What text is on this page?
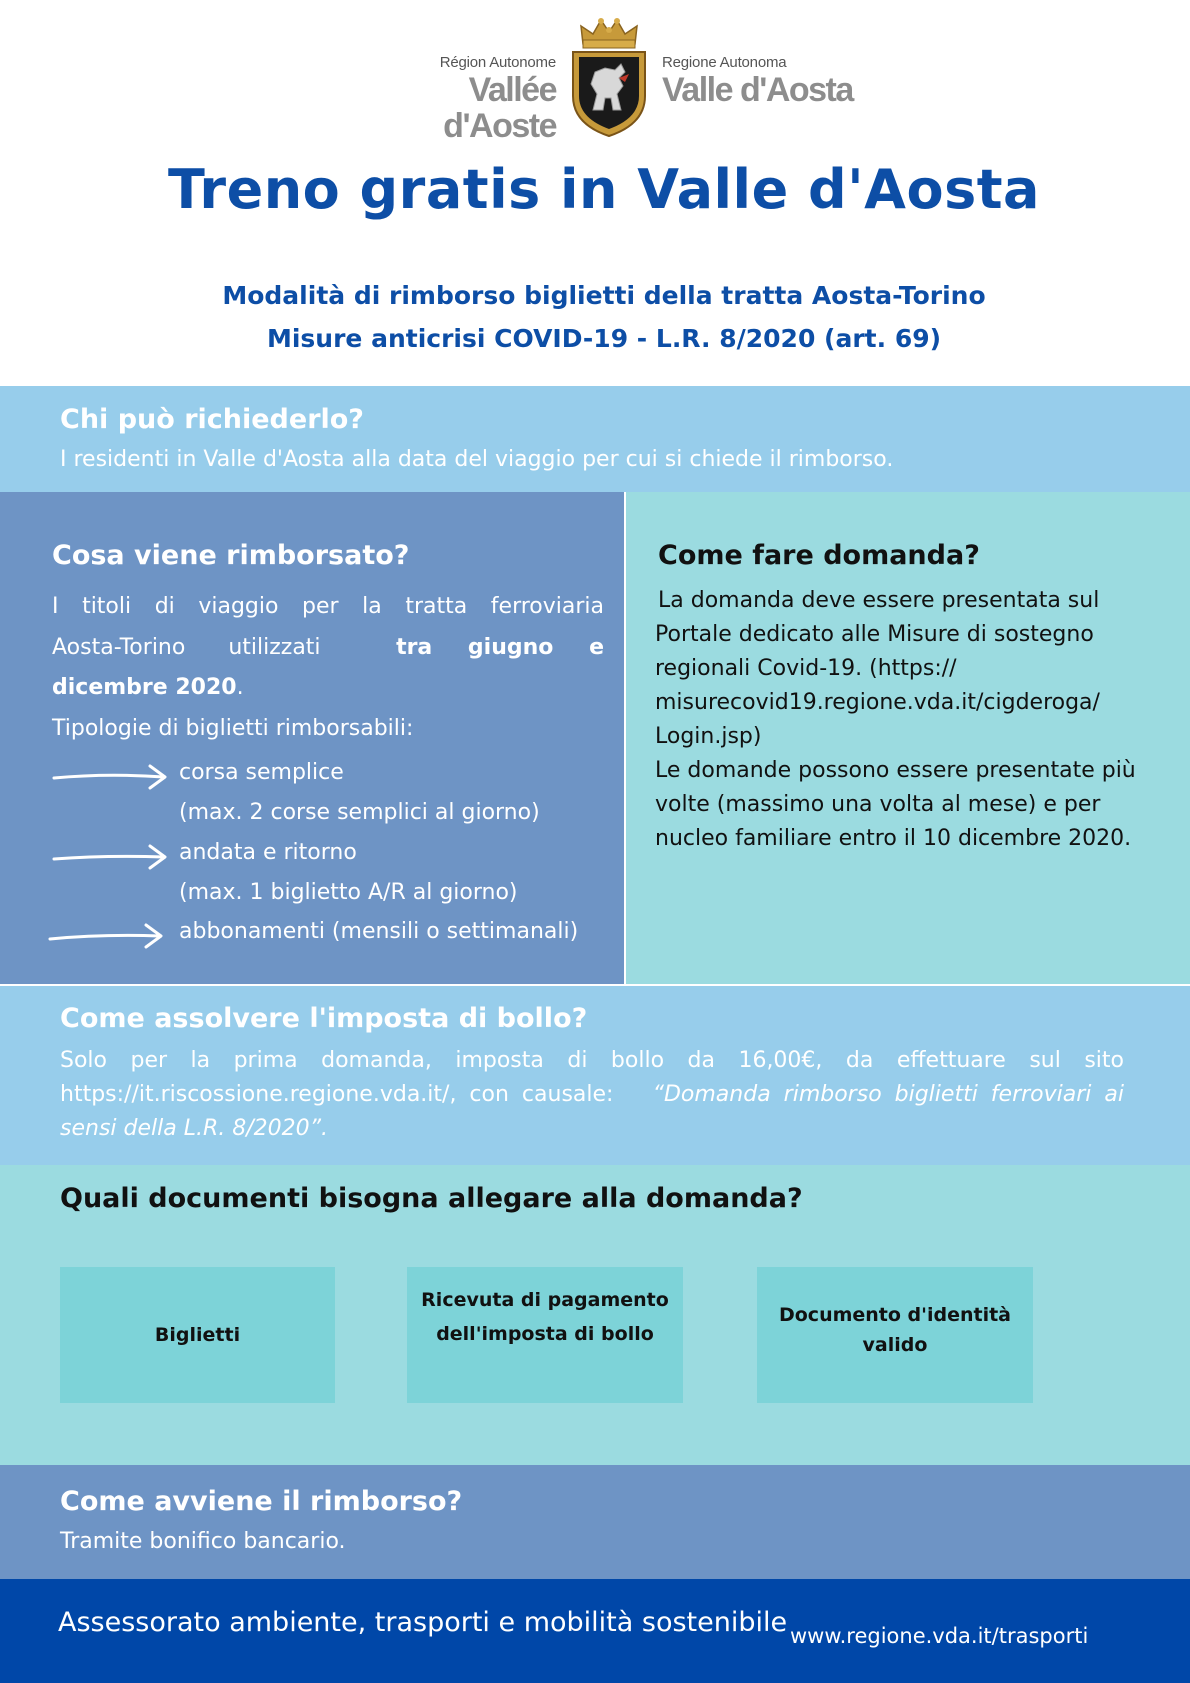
Région Autonome
Vallée d'Aoste
Regione Autonoma
Valle d'Aosta
Treno gratis in Valle d'Aosta
Modalità di rimborso biglietti della tratta Aosta-Torino
Misure anticrisi COVID-19 - L.R. 8/2020 (art. 69)
Chi può richiederlo?
I residenti in Valle d'Aosta alla data del viaggio per cui si chiede il rimborso.
Cosa viene rimborsato?
I titoli di viaggio per la tratta ferroviaria
Aosta-Torino utilizzati	tra giugno e
dicembre 2020.
Tipologie di biglietti rimborsabili:
corsa semplice
(max. 2 corse semplici al giorno)
andata e ritorno
(max. 1 biglietto A/R al giorno)
abbonamenti (mensili o settimanali)
Come fare domanda?
La domanda deve essere presentata sul
Portale dedicato alle Misure di sostegno
regionali Covid-19. (https://
misurecovid19.regione.vda.it/cigderoga/
Login.jsp)
Le domande possono essere presentate più
volte (massimo una volta al mese) e per
nucleo familiare entro il 10 dicembre 2020.
Come assolvere l'imposta di bollo?
Solo per la prima domanda, imposta di bollo da 16,00€, da effettuare sul sito
https://it.riscossione.regione.vda.it/, con causale: “Domanda rimborso biglietti ferroviari ai
sensi della L.R. 8/2020”.
Quali documenti bisogna allegare alla domanda?
Biglietti
Ricevuta di pagamento
dell'imposta di bollo
Documento d'identità
valido
Come avviene il rimborso?
Tramite bonifico bancario.
Assessorato ambiente, trasporti e mobilità sostenibile www.regione.vda.it/trasporti
